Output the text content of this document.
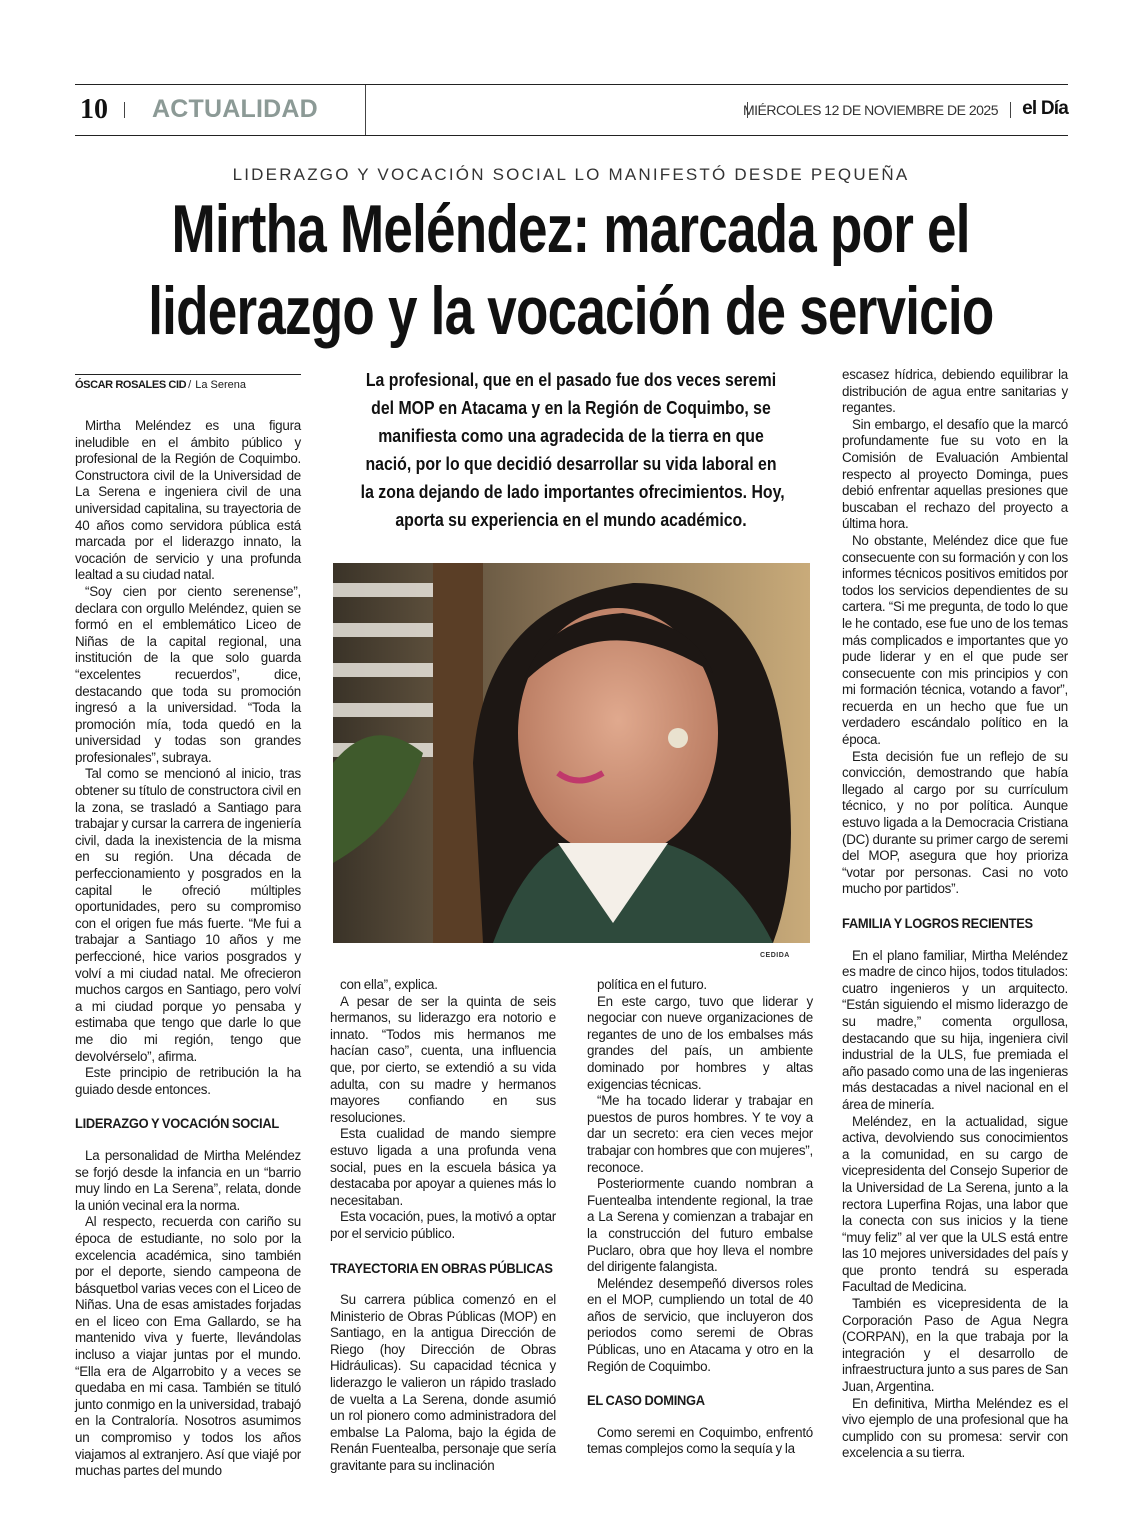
10 ACTUALIDAD	MIÉRCOLES 12 DE NOVIEMBRE DE 2025 el Día
LIDERAZGO Y VOCACIÓN SOCIAL LO MANIFESTÓ DESDE PEQUEÑA
Mirtha Meléndez: marcada por el
liderazgo y la vocación de servicio
ÓSCAR ROSALES CID / La Serena	La profesional, que en el pasado fue dos veces seremi
del MOP en Atacama y en la Región de Coquimbo, se
manifiesta como una agradecida de la tierra en que
nació, por lo que decidió desarrollar su vida laboral en
la zona dejando de lado importantes ofrecimientos. Hoy,
aporta su experiencia en el mundo académico.
CEDIDA

Mirtha Meléndez es una figura ineludible en el ámbito público y profesional de la Región de Coquimbo. Constructora civil de la Universidad de La Serena e ingeniera civil de una universidad capitalina, su trayectoria de 40 años como servidora pública está marcada por el liderazgo innato, la vocación de servicio y una profunda lealtad a su ciudad natal.

“Soy cien por ciento serenense”, declara con orgullo Meléndez, quien se formó en el emblemático Liceo de Niñas de la capital regional, una institución de la que solo guarda “excelentes recuerdos”, dice, destacando que toda su promoción ingresó a la universidad. “Toda la promoción mía, toda quedó en la universidad y todas son grandes profesionales”, subraya.

Tal como se mencionó al inicio, tras obtener su título de constructora civil en la zona, se trasladó a Santiago para trabajar y cursar la carrera de ingeniería civil, dada la inexistencia de la misma en su región. Una década de perfeccionamiento y posgrados en la capital le ofreció múltiples oportunidades, pero su compromiso con el origen fue más fuerte. “Me fui a trabajar a Santiago 10 años y me perfeccioné, hice varios posgrados y volví a mi ciudad natal. Me ofrecieron muchos cargos en Santiago, pero volví a mi ciudad porque yo pensaba y estimaba que tengo que darle lo que me dio mi región, tengo que devolvérselo”, afirma.

Este principio de retribución la ha guiado desde entonces.

LIDERAZGO Y VOCACIÓN SOCIAL

La personalidad de Mirtha Meléndez se forjó desde la infancia en un “barrio muy lindo en La Serena”, relata, donde la unión vecinal era la norma.

Al respecto, recuerda con cariño su época de estudiante, no solo por la excelencia académica, sino también por el deporte, siendo campeona de básquetbol varias veces con el Liceo de Niñas. Una de esas amistades forjadas en el liceo con Ema Gallardo, se ha mantenido viva y fuerte, llevándolas incluso a viajar juntas por el mundo. “Ella era de Algarrobito y a veces se quedaba en mi casa. También se tituló junto conmigo en la universidad, trabajó en la Contraloría. Nosotros asumimos un compromiso y todos los años viajamos al extranjero. Así que viajé por muchas partes del mundo

con ella”, explica.

A pesar de ser la quinta de seis hermanos, su liderazgo era notorio e innato. “Todos mis hermanos me hacían caso”, cuenta, una influencia que, por cierto, se extendió a su vida adulta, con su madre y hermanos mayores confiando en sus resoluciones.

Esta cualidad de mando siempre estuvo ligada a una profunda vena social, pues en la escuela básica ya destacaba por apoyar a quienes más lo necesitaban.

Esta vocación, pues, la motivó a optar por el servicio público.

TRAYECTORIA EN OBRAS PÚBLICAS

Su carrera pública comenzó en el Ministerio de Obras Públicas (MOP) en Santiago, en la antigua Dirección de Riego (hoy Dirección de Obras Hidráulicas). Su capacidad técnica y liderazgo le valieron un rápido traslado de vuelta a La Serena, donde asumió un rol pionero como administradora del embalse La Paloma, bajo la égida de Renán Fuentealba, personaje que sería gravitante para su inclinación

política en el futuro.

En este cargo, tuvo que liderar y negociar con nueve organizaciones de regantes de uno de los embalses más grandes del país, un ambiente dominado por hombres y altas exigencias técnicas.

“Me ha tocado liderar y trabajar en puestos de puros hombres. Y te voy a dar un secreto: era cien veces mejor trabajar con hombres que con mujeres”, reconoce.

Posteriormente cuando nombran a Fuentealba intendente regional, la trae a La Serena y comienzan a trabajar en la construcción del futuro embalse Puclaro, obra que hoy lleva el nombre del dirigente falangista.

Meléndez desempeñó diversos roles en el MOP, cumpliendo un total de 40 años de servicio, que incluyeron dos periodos como seremi de Obras Públicas, uno en Atacama y otro en la Región de Coquimbo.

EL CASO DOMINGA

Como seremi en Coquimbo, enfrentó temas complejos como la sequía y la

escasez hídrica, debiendo equilibrar la distribución de agua entre sanitarias y regantes.

Sin embargo, el desafío que la marcó profundamente fue su voto en la Comisión de Evaluación Ambiental respecto al proyecto Dominga, pues debió enfrentar aquellas presiones que buscaban el rechazo del proyecto a última hora.

No obstante, Meléndez dice que fue consecuente con su formación y con los informes técnicos positivos emitidos por todos los servicios dependientes de su cartera. “Si me pregunta, de todo lo que le he contado, ese fue uno de los temas más complicados e importantes que yo pude liderar y en el que pude ser consecuente con mis principios y con mi formación técnica, votando a favor”, recuerda en un hecho que fue un verdadero escándalo político en la época.

Esta decisión fue un reflejo de su convicción, demostrando que había llegado al cargo por su currículum técnico, y no por política. Aunque estuvo ligada a la Democracia Cristiana (DC) durante su primer cargo de seremi del MOP, asegura que hoy prioriza “votar por personas. Casi no voto mucho por partidos”.

FAMILIA Y LOGROS RECIENTES

En el plano familiar, Mirtha Meléndez es madre de cinco hijos, todos titulados: cuatro ingenieros y un arquitecto. “Están siguiendo el mismo liderazgo de su madre,” comenta orgullosa, destacando que su hija, ingeniera civil industrial de la ULS, fue premiada el año pasado como una de las ingenieras más destacadas a nivel nacional en el área de minería.

Meléndez, en la actualidad, sigue activa, devolviendo sus conocimientos a la comunidad, en su cargo de vicepresidenta del Consejo Superior de la Universidad de La Serena, junto a la rectora Luperfina Rojas, una labor que la conecta con sus inicios y la tiene “muy feliz” al ver que la ULS está entre las 10 mejores universidades del país y que pronto tendrá su esperada Facultad de Medicina.

También es vicepresidenta de la Corporación Paso de Agua Negra (CORPAN), en la que trabaja por la integración y el desarrollo de infraestructura junto a sus pares de San Juan, Argentina.

En definitiva, Mirtha Meléndez es el vivo ejemplo de una profesional que ha cumplido con su promesa: servir con excelencia a su tierra.
